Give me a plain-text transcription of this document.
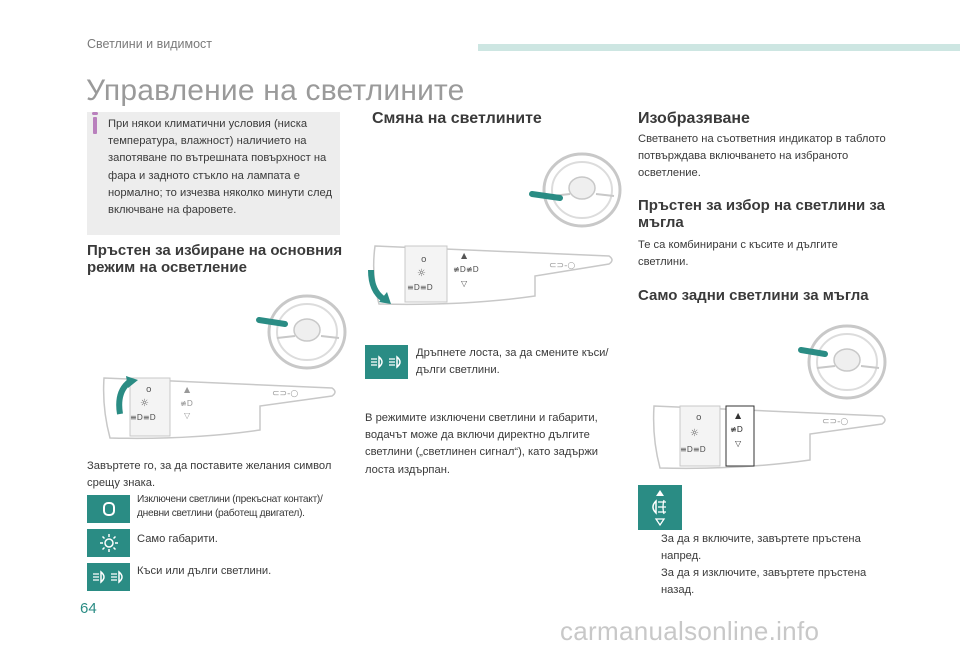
Светлини и видимост
Управление на светлините
При някои климатични условия (ниска температура, влажност) наличието на запотяване по вътрешната повърхност на фара и задното стъкло на лампата е нормално; то изчезва няколко минути след включване на фаровете.
Пръстен за избиране на основния режим на осветление
o
☼
≡D≡D
▲
≢D
▽
⊂⊃-○
Завъртете го, за да поставите желания символ срещу знака.
Изключени светлини (прекъснат контакт)/ дневни светлини (работещ двигател).
Само габарити.
Къси или дълги светлини.
Смяна на светлините
o
☼
≡D≡D
▲
≢D≢D
▽
⊂⊃-○
Дръпнете лоста, за да смените къси/дълги светлини.
В режимите изключени светлини и габарити, водачът може да включи директно дългите светлини („светлинен сигнал“), като задържи лоста издърпан.
Изобразяване
Светването на съответния индикатор в таблото потвърждава включването на избраното осветление.
Пръстен за избор на светлини за мъгла
Те са комбинирани с късите и дългите светлини.
Само задни светлини за мъгла
o
☼
≡D≡D
▲
≢D
▽
⊂⊃-○
За да я включите, завъртете пръстена напред.
За да я изключите, завъртете пръстена назад.
64
carmanualsonline.info
